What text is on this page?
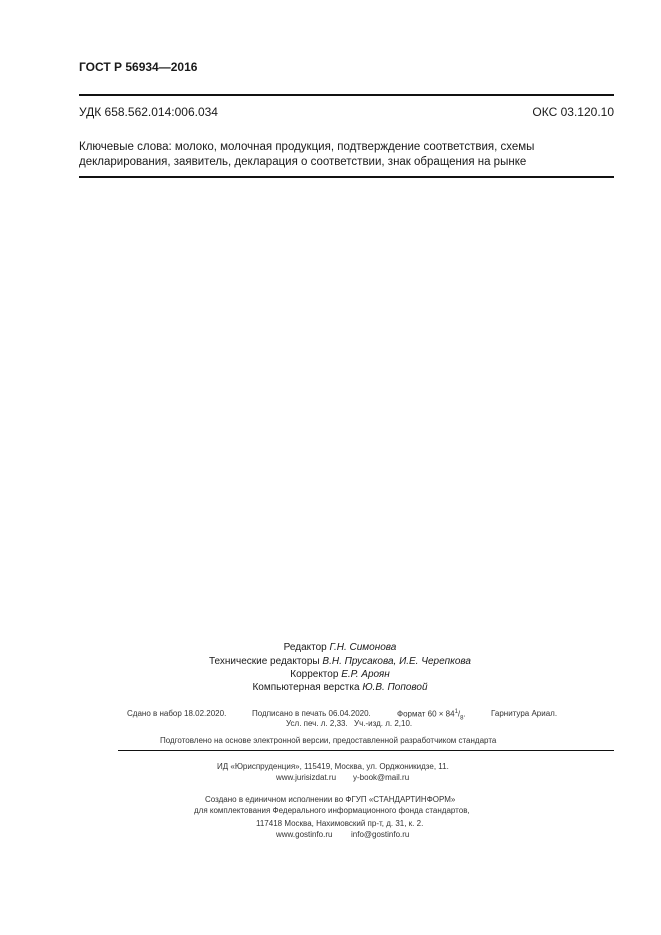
ГОСТ Р 56934—2016
УДК 658.562.014:006.034	ОКС 03.120.10
Ключевые слова: молоко, молочная продукция, подтверждение соответствия, схемы декларирования, заявитель, декларация о соответствии, знак обращения на рынке
Редактор Г.Н. Симонова
Технические редакторы В.Н. Прусакова, И.Е. Черепкова
Корректор Е.Р. Ароян
Компьютерная верстка Ю.В. Поповой
Сдано в набор 18.02.2020.	Подписано в печать 06.04.2020.	Формат $60 \times 84^1/_8$.	Гарнитура Ариал.
Усл. печ. л. 2,33. Уч.-изд. л. 2,10.
Подготовлено на основе электронной версии, предоставленной разработчиком стандарта
ИД «Юриспруденция», 115419, Москва, ул. Орджоникидзе, 11.
www.jurisizdat.ru y-book@mail.ru
Создано в единичном исполнении во ФГУП «СТАНДАРТИНФОРМ»
для комплектования Федерального информационного фонда стандартов,
117418 Москва, Нахимовский пр-т, д. 31, к. 2.
www.gostinfo.ru info@gostinfo.ru
